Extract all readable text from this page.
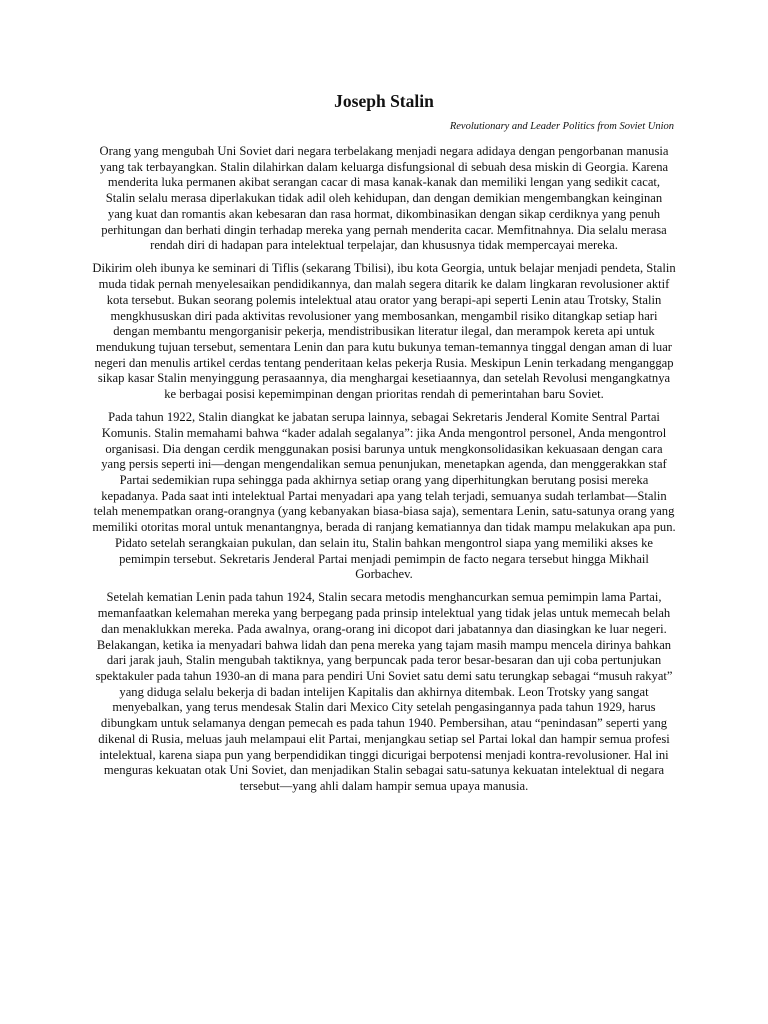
Joseph Stalin

Revolutionary and Leader Politics from Soviet Union

Orang yang mengubah Uni Soviet dari negara terbelakang menjadi negara adidaya dengan pengorbanan manusia yang tak terbayangkan. Stalin dilahirkan dalam keluarga disfungsional di sebuah desa miskin di Georgia. Karena menderita luka permanen akibat serangan cacar di masa kanak-kanak dan memiliki lengan yang sedikit cacat, Stalin selalu merasa diperlakukan tidak adil oleh kehidupan, dan dengan demikian mengembangkan keinginan yang kuat dan romantis akan kebesaran dan rasa hormat, dikombinasikan dengan sikap cerdiknya yang penuh perhitungan dan berhati dingin terhadap mereka yang pernah menderita cacar. Memfitnahnya. Dia selalu merasa rendah diri di hadapan para intelektual terpelajar, dan khususnya tidak mempercayai mereka.

Dikirim oleh ibunya ke seminari di Tiflis (sekarang Tbilisi), ibu kota Georgia, untuk belajar menjadi pendeta, Stalin muda tidak pernah menyelesaikan pendidikannya, dan malah segera ditarik ke dalam lingkaran revolusioner aktif kota tersebut. Bukan seorang polemis intelektual atau orator yang berapi-api seperti Lenin atau Trotsky, Stalin mengkhususkan diri pada aktivitas revolusioner yang membosankan, mengambil risiko ditangkap setiap hari dengan membantu mengorganisir pekerja, mendistribusikan literatur ilegal, dan merampok kereta api untuk mendukung tujuan tersebut, sementara Lenin dan para kutu bukunya teman-temannya tinggal dengan aman di luar negeri dan menulis artikel cerdas tentang penderitaan kelas pekerja Rusia. Meskipun Lenin terkadang menganggap sikap kasar Stalin menyinggung perasaannya, dia menghargai kesetiaannya, dan setelah Revolusi mengangkatnya ke berbagai posisi kepemimpinan dengan prioritas rendah di pemerintahan baru Soviet.

Pada tahun 1922, Stalin diangkat ke jabatan serupa lainnya, sebagai Sekretaris Jenderal Komite Sentral Partai Komunis. Stalin memahami bahwa “kader adalah segalanya”: jika Anda mengontrol personel, Anda mengontrol organisasi. Dia dengan cerdik menggunakan posisi barunya untuk mengkonsolidasikan kekuasaan dengan cara yang persis seperti ini—dengan mengendalikan semua penunjukan, menetapkan agenda, dan menggerakkan staf Partai sedemikian rupa sehingga pada akhirnya setiap orang yang diperhitungkan berutang posisi mereka kepadanya. Pada saat inti intelektual Partai menyadari apa yang telah terjadi, semuanya sudah terlambat—Stalin telah menempatkan orang-orangnya (yang kebanyakan biasa-biasa saja), sementara Lenin, satu-satunya orang yang memiliki otoritas moral untuk menantangnya, berada di ranjang kematiannya dan tidak mampu melakukan apa pun. Pidato setelah serangkaian pukulan, dan selain itu, Stalin bahkan mengontrol siapa yang memiliki akses ke pemimpin tersebut. Sekretaris Jenderal Partai menjadi pemimpin de facto negara tersebut hingga Mikhail Gorbachev.

Setelah kematian Lenin pada tahun 1924, Stalin secara metodis menghancurkan semua pemimpin lama Partai, memanfaatkan kelemahan mereka yang berpegang pada prinsip intelektual yang tidak jelas untuk memecah belah dan menaklukkan mereka. Pada awalnya, orang-orang ini dicopot dari jabatannya dan diasingkan ke luar negeri. Belakangan, ketika ia menyadari bahwa lidah dan pena mereka yang tajam masih mampu mencela dirinya bahkan dari jarak jauh, Stalin mengubah taktiknya, yang berpuncak pada teror besar-besaran dan uji coba pertunjukan spektakuler pada tahun 1930-an di mana para pendiri Uni Soviet satu demi satu terungkap sebagai “musuh rakyat” yang diduga selalu bekerja di badan intelijen Kapitalis dan akhirnya ditembak. Leon Trotsky yang sangat menyebalkan, yang terus mendesak Stalin dari Mexico City setelah pengasingannya pada tahun 1929, harus dibungkam untuk selamanya dengan pemecah es pada tahun 1940. Pembersihan, atau “penindasan” seperti yang dikenal di Rusia, meluas jauh melampaui elit Partai, menjangkau setiap sel Partai lokal dan hampir semua profesi intelektual, karena siapa pun yang berpendidikan tinggi dicurigai berpotensi menjadi kontra-revolusioner. Hal ini menguras kekuatan otak Uni Soviet, dan menjadikan Stalin sebagai satu-satunya kekuatan intelektual di negara tersebut—yang ahli dalam hampir semua upaya manusia.
